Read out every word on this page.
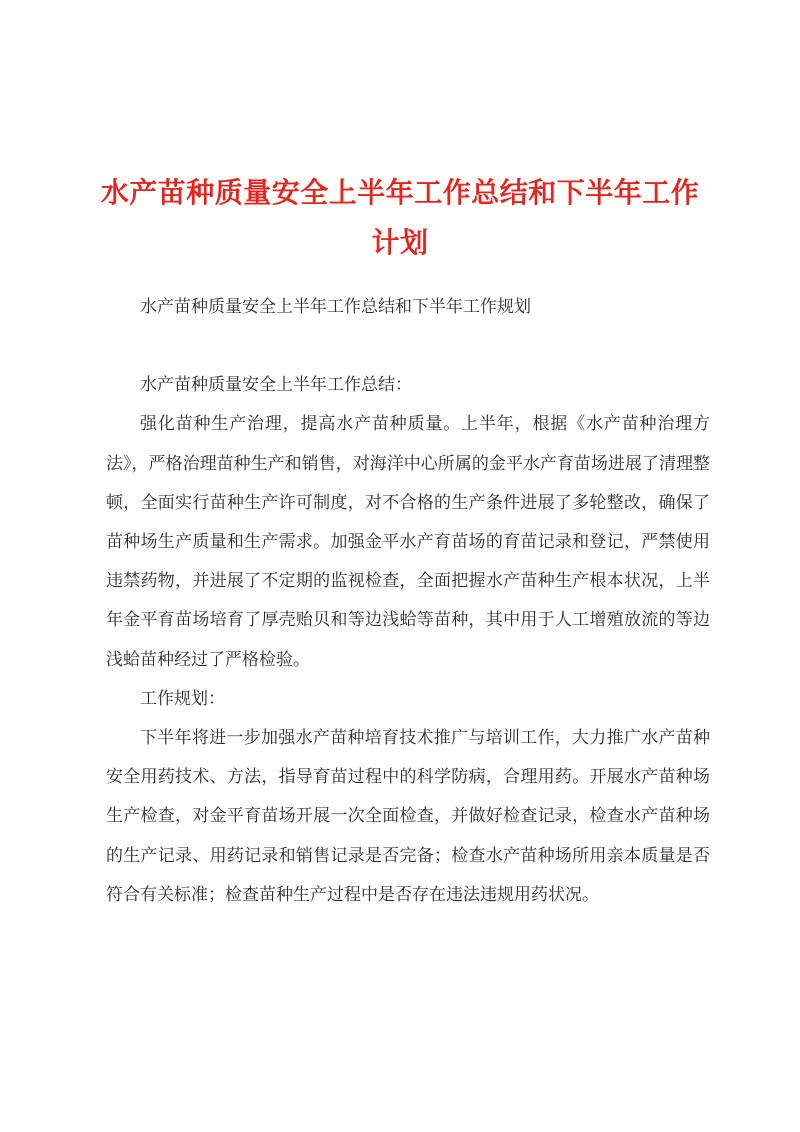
水产苗种质量安全上半年工作总结和下半年工作计划

水产苗种质量安全上半年工作总结和下半年工作规划

水产苗种质量安全上半年工作总结：

强化苗种生产治理，提高水产苗种质量。上半年，根据《水产苗种治理方法》，严格治理苗种生产和销售，对海洋中心所属的金平水产育苗场进展了清理整顿，全面实行苗种生产许可制度，对不合格的生产条件进展了多轮整改，确保了苗种场生产质量和生产需求。加强金平水产育苗场的育苗记录和登记，严禁使用违禁药物，并进展了不定期的监视检查，全面把握水产苗种生产根本状况，上半年金平育苗场培育了厚壳贻贝和等边浅蛤等苗种，其中用于人工增殖放流的等边浅蛤苗种经过了严格检验。

工作规划：

下半年将进一步加强水产苗种培育技术推广与培训工作，大力推广水产苗种安全用药技术、方法，指导育苗过程中的科学防病，合理用药。开展水产苗种场生产检查，对金平育苗场开展一次全面检查，并做好检查记录，检查水产苗种场的生产记录、用药记录和销售记录是否完备；检查水产苗种场所用亲本质量是否符合有关标准；检查苗种生产过程中是否存在违法违规用药状况。
